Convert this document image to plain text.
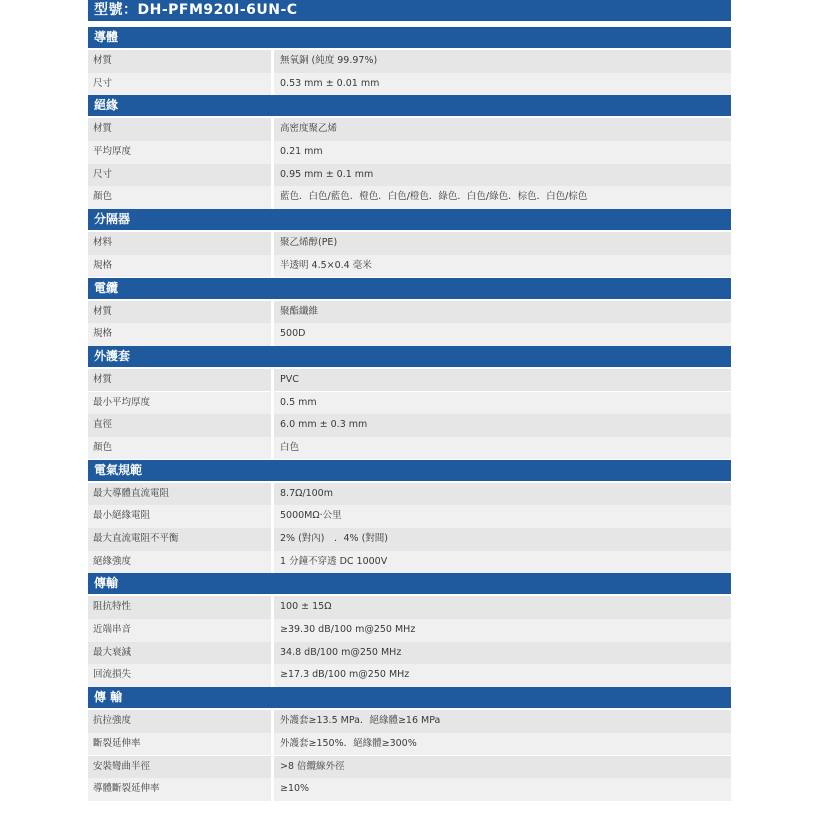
型號：DH-PFM920I-6UN-C
導體
材質	無氧銅 (純度 99.97%)
尺寸	0.53 mm ± 0.01 mm
絕緣
材質	高密度聚乙烯
平均厚度	0.21 mm
尺寸	0.95 mm ± 0.1 mm
顏色	藍色．白色/藍色．橙色．白色/橙色．綠色．白色/綠色．棕色．白色/棕色
分隔器
材料	聚乙烯醇(PE)
規格	半透明 4.5×0.4 毫米
電纜
材質	聚酯纖維
規格	500D
外護套
材質	PVC
最小平均厚度	0.5 mm
直徑	6.0 mm ± 0.3 mm
顏色	白色
電氣規範
最大導體直流電阻	8.7Ω/100m
最小絕緣電阻	5000MΩ·公里
最大直流電阻不平衡	2% (對內)　．4% (對間)
絕緣強度	1 分鐘不穿透 DC 1000V
傳輸
阻抗特性	100 ± 15Ω
近端串音	≥39.30 dB/100 m@250 MHz
最大衰減	34.8 dB/100 m@250 MHz
回流損失	≥17.3 dB/100 m@250 MHz
傳 輸
抗拉強度	外護套≥13.5 MPa．絕緣體≥16 MPa
斷裂延伸率	外護套≥150%．絕緣體≥300%
安裝彎曲半徑	>8 倍纜線外徑
導體斷裂延伸率	≥10%
